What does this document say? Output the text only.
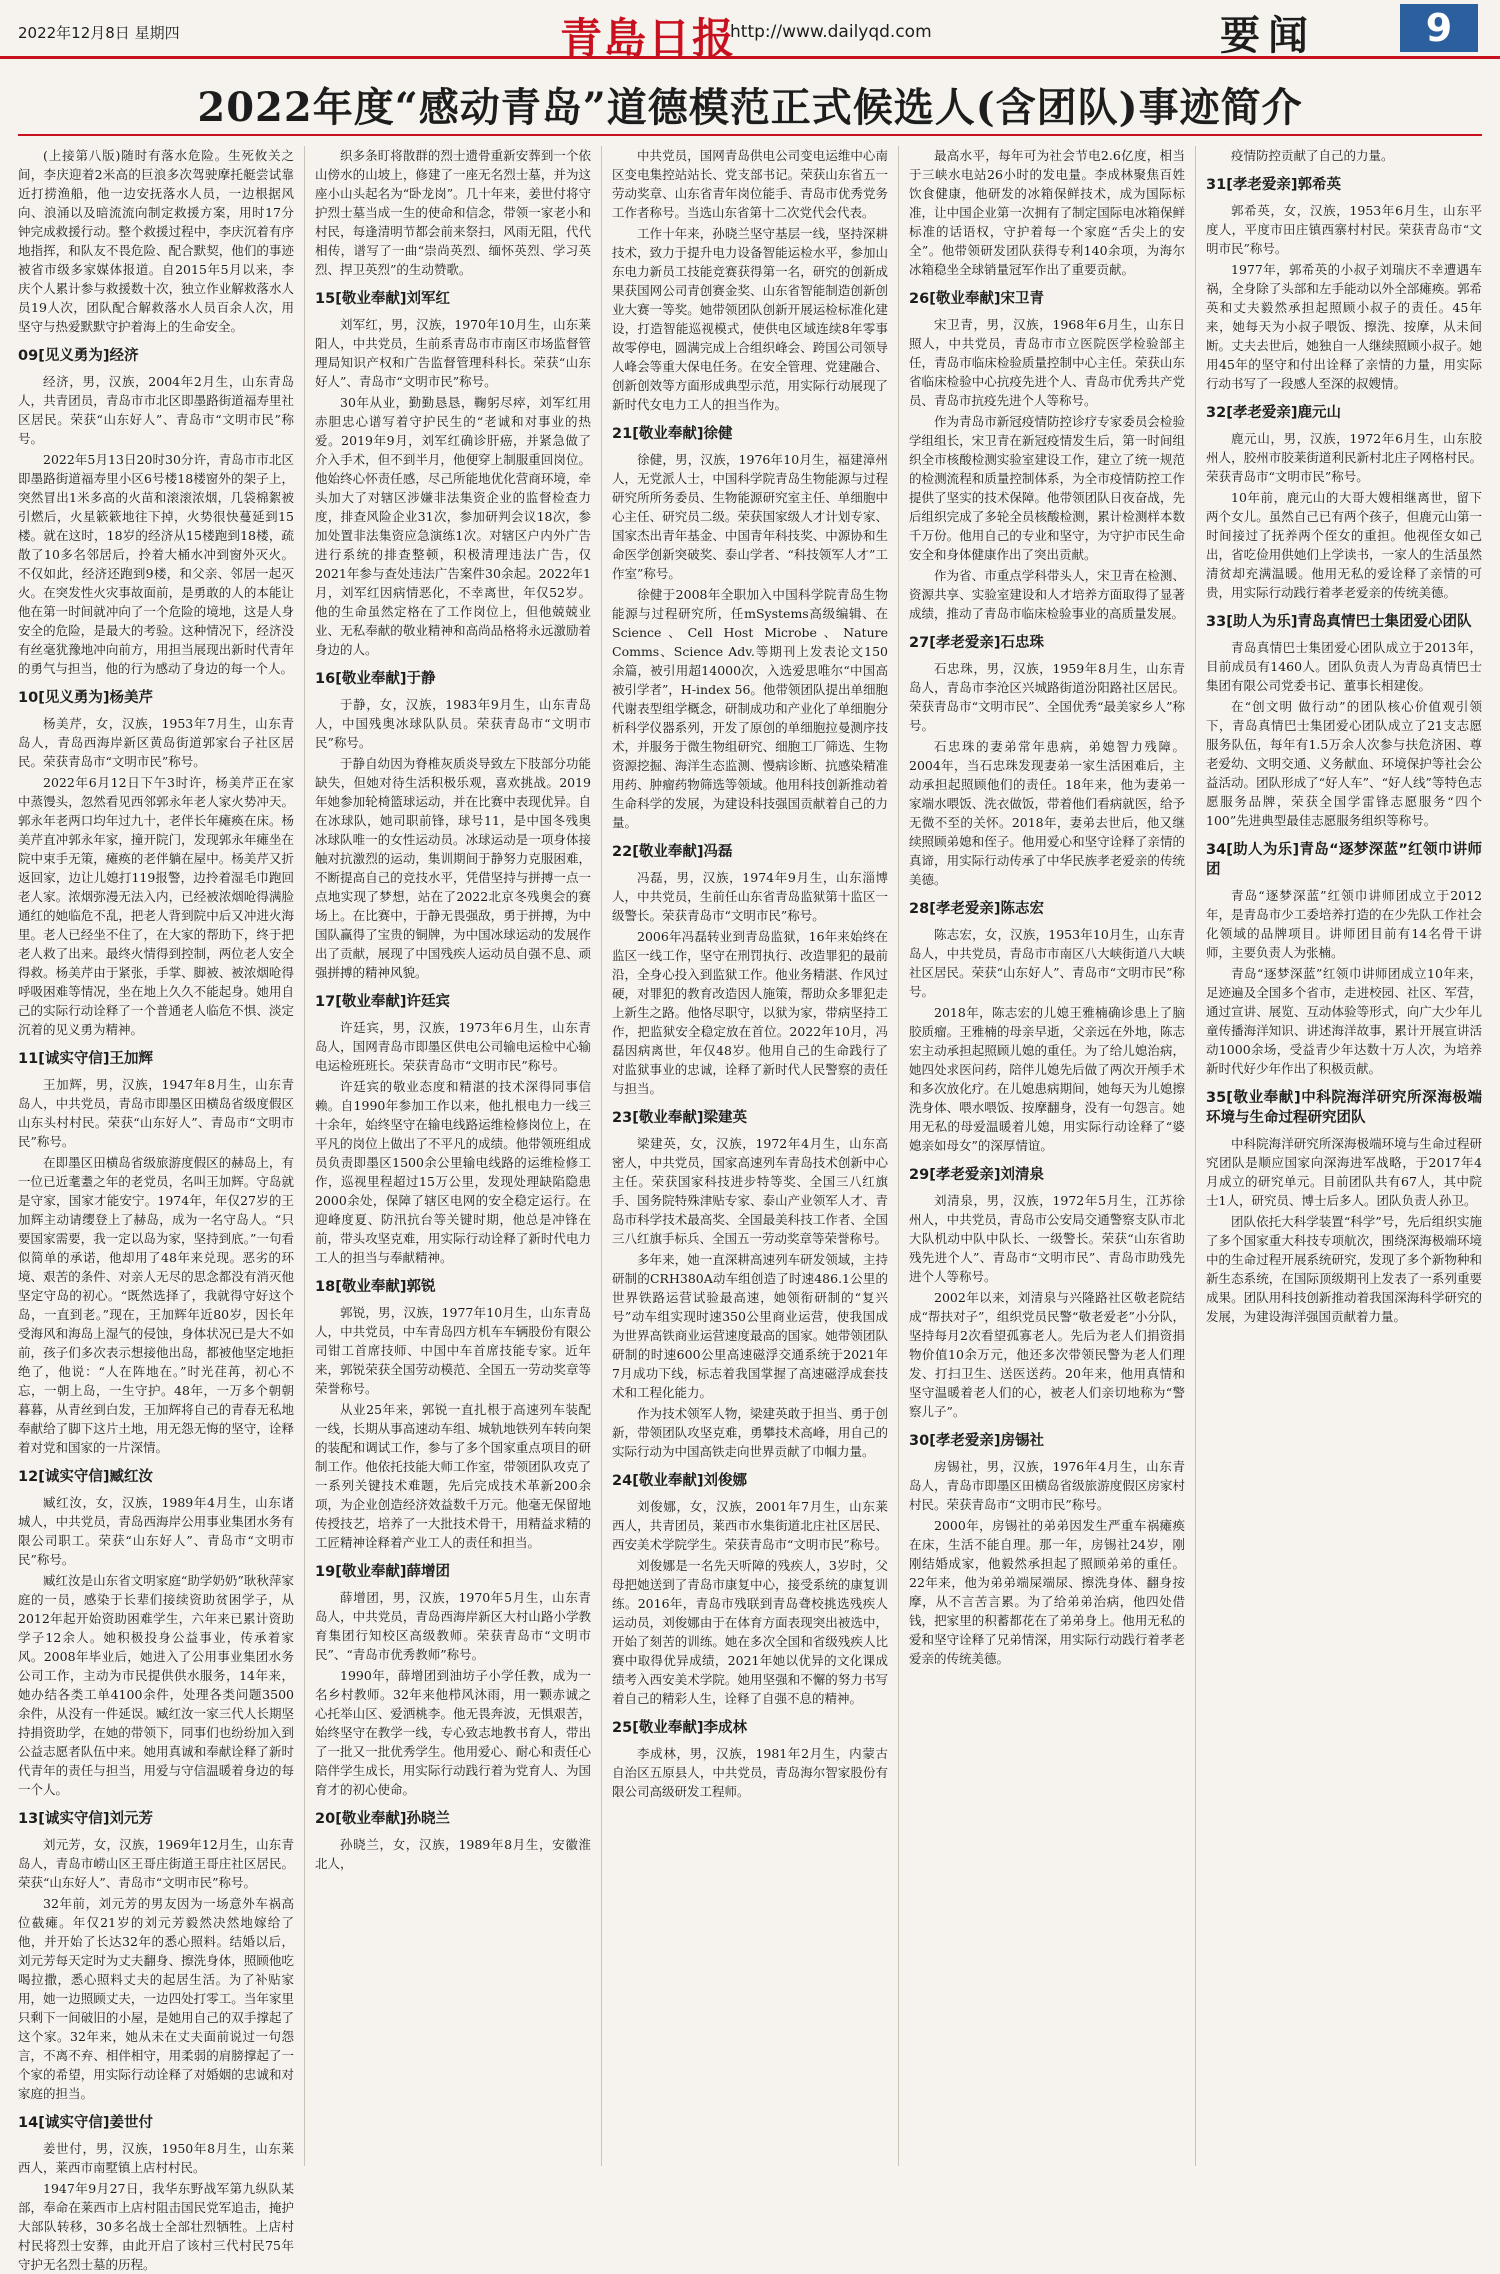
2022年12月8日 星期四	青島日报
http://www.dailyqd.com	要闻	9
2022年度“感动青岛”道德模范正式候选人(含团队)事迹简介

(上接第八版)随时有落水危险。生死攸关之间，李庆迎着2米高的巨浪多次驾驶摩托艇尝试靠近打捞渔船，他一边安抚落水人员，一边根据风向、浪涌以及暗流流向制定救援方案，用时17分钟完成救援行动。整个救援过程中，李庆沉着有序地指挥，和队友不畏危险、配合默契，他们的事迹被省市级多家媒体报道。自2015年5月以来，李庆个人累计参与救援数十次，独立作业解救落水人员19人次，团队配合解救落水人员百余人次，用坚守与热爱默默守护着海上的生命安全。

09[见义勇为]经济

经济，男，汉族，2004年2月生，山东青岛人，共青团员，青岛市市北区即墨路街道福寿里社区居民。荣获“山东好人”、青岛市“文明市民”称号。

2022年5月13日20时30分许，青岛市市北区即墨路街道福寿里小区6号楼18楼窗外的架子上，突然冒出1米多高的火苗和滚滚浓烟，几袋棉絮被引燃后，火星簌簌地往下掉，火势很快蔓延到15楼。就在这时，18岁的经济从15楼跑到18楼，疏散了10多名邻居后，拎着大桶水冲到窗外灭火。不仅如此，经济还跑到9楼，和父亲、邻居一起灭火。在突发性火灾事故面前，是勇敢的人的本能让他在第一时间就冲向了一个危险的境地，这是人身安全的危险，是最大的考验。这种情况下，经济没有丝毫犹豫地冲向前方，用担当展现出新时代青年的勇气与担当，他的行为感动了身边的每一个人。

10[见义勇为]杨美芹

杨美芹，女，汉族，1953年7月生，山东青岛人，青岛西海岸新区黄岛街道郭家台子社区居民。荣获青岛市“文明市民”称号。

2022年6月12日下午3时许，杨美芹正在家中蒸馒头，忽然看见西邻郭永年老人家火势冲天。郭永年老两口均年过九十，老伴长年瘫痪在床。杨美芹直冲郭永年家，撞开院门，发现郭永年瘫坐在院中束手无策，瘫痪的老伴躺在屋中。杨美芹又折返回家，边让儿媳打119报警，边拎着湿毛巾跑回老人家。浓烟弥漫无法入内，已经被浓烟呛得满脸通红的她临危不乱，把老人背到院中后又冲进火海里。老人已经坐不住了，在大家的帮助下，终于把老人救了出来。最终火情得到控制，两位老人安全得救。杨美芹由于紧张，手掌、脚被、被浓烟呛得呼吸困难等情况，坐在地上久久不能起身。她用自己的实际行动诠释了一个普通老人临危不惧、淡定沉着的见义勇为精神。

11[诚实守信]王加辉

王加辉，男，汉族，1947年8月生，山东青岛人，中共党员，青岛市即墨区田横岛省级度假区山东头村村民。荣获“山东好人”、青岛市“文明市民”称号。

在即墨区田横岛省级旅游度假区的赫岛上，有一位已近耄耋之年的老党员，名叫王加辉。守岛就是守家，国家才能安宁。1974年，年仅27岁的王加辉主动请缨登上了赫岛，成为一名守岛人。“只要国家需要，我一定以岛为家，坚持到底。”一句看似简单的承诺，他却用了48年来兑现。恶劣的环境、艰苦的条件、对亲人无尽的思念都没有消灭他坚定守岛的初心。“既然选择了，我就得守好这个岛，一直到老。”现在，王加辉年近80岁，因长年受海风和海岛上湿气的侵蚀，身体状况已是大不如前，孩子们多次表示想接他出岛，都被他坚定地拒绝了，他说：“人在阵地在。”时光荏苒，初心不忘，一朝上岛，一生守护。48年，一万多个朝朝暮暮，从青丝到白发，王加辉将自己的青春无私地奉献给了脚下这片土地，用无怨无悔的坚守，诠释着对党和国家的一片深情。

12[诚实守信]臧红汝

臧红汝，女，汉族，1989年4月生，山东诸城人，中共党员，青岛西海岸公用事业集团水务有限公司职工。荣获“山东好人”、青岛市“文明市民”称号。

臧红汝是山东省文明家庭“助学奶奶”耿秋萍家庭的一员，感染于长辈们接续资助贫困学子，从2012年起开始资助困难学生，六年来已累计资助学子12余人。她积极投身公益事业，传承着家风。2008年毕业后，她进入了公用事业集团水务公司工作，主动为市民提供供水服务，14年来，她办结各类工单4100余件，处理各类问题3500余件，从没有一件延误。臧红汝一家三代人长期坚持捐资助学，在她的带领下，同事们也纷纷加入到公益志愿者队伍中来。她用真诚和奉献诠释了新时代青年的责任与担当，用爱与守信温暖着身边的每一个人。

13[诚实守信]刘元芳

刘元芳，女，汉族，1969年12月生，山东青岛人，青岛市崂山区王哥庄街道王哥庄社区居民。荣获“山东好人”、青岛市“文明市民”称号。

32年前，刘元芳的男友因为一场意外车祸高位截瘫。年仅21岁的刘元芳毅然决然地嫁给了他，并开始了长达32年的悉心照料。结婚以后，刘元芳每天定时为丈夫翻身、擦洗身体，照顾他吃喝拉撒，悉心照料丈夫的起居生活。为了补贴家用，她一边照顾丈夫，一边四处打零工。当年家里只剩下一间破旧的小屋，是她用自己的双手撑起了这个家。32年来，她从未在丈夫面前说过一句怨言，不离不弃、相伴相守，用柔弱的肩膀撑起了一个家的希望，用实际行动诠释了对婚姻的忠诚和对家庭的担当。

14[诚实守信]姜世付

姜世付，男，汉族，1950年8月生，山东莱西人，莱西市南墅镇上店村村民。

1947年9月27日，我华东野战军第九纵队某部，奉命在莱西市上店村阻击国民党军追击，掩护大部队转移，30多名战士全部壮烈牺牲。上店村村民将烈士安葬，由此开启了该村三代村民75年守护无名烈士墓的历程。

织多条盯将散群的烈士遗骨重新安葬到一个依山傍水的山坡上，修建了一座无名烈士墓，并为这座小山头起名为“卧龙岗”。几十年来，姜世付将守护烈士墓当成一生的使命和信念，带领一家老小和村民，每逢清明节都会前来祭扫，风雨无阻，代代相传，谱写了一曲“崇尚英烈、缅怀英烈、学习英烈、捍卫英烈”的生动赞歌。

15[敬业奉献]刘军红

刘军红，男，汉族，1970年10月生，山东莱阳人，中共党员，生前系青岛市市南区市场监督管理局知识产权和广告监督管理科科长。荣获“山东好人”、青岛市“文明市民”称号。

30年从业，勤勤恳恳，鞠躬尽瘁，刘军红用赤胆忠心谱写着守护民生的“老诚和对事业的热爱。2019年9月，刘军红确诊肝癌，并紧急做了介入手术，但不到半月，他便穿上制服重回岗位。他始终心怀责任感，尽己所能地优化营商环境，牵头加大了对辖区涉嫌非法集资企业的监督检查力度，排查风险企业31次，参加研判会议18次，参加处置非法集资应急演练1次。对辖区户内外广告进行系统的排查整顿，积极清理违法广告，仅2021年参与查处违法广告案件30余起。2022年1月，刘军红因病情恶化，不幸离世，年仅52岁。他的生命虽然定格在了工作岗位上，但他兢兢业业、无私奉献的敬业精神和高尚品格将永远激励着身边的人。

16[敬业奉献]于静

于静，女，汉族，1983年9月生，山东青岛人，中国残奥冰球队队员。荣获青岛市“文明市民”称号。

于静自幼因为脊椎灰质炎导致左下肢部分功能缺失，但她对待生活积极乐观，喜欢挑战。2019年她参加轮椅篮球运动，并在比赛中表现优异。自在冰球队，她司职前锋，球号11，是中国冬残奥冰球队唯一的女性运动员。冰球运动是一项身体接触对抗激烈的运动，集训期间于静努力克服困难，不断提高自己的竞技水平，凭借坚持与拼搏一点一点地实现了梦想，站在了2022北京冬残奥会的赛场上。在比赛中，于静无畏强敌，勇于拼搏，为中国队赢得了宝贵的铜牌，为中国冰球运动的发展作出了贡献，展现了中国残疾人运动员自强不息、顽强拼搏的精神风貌。

17[敬业奉献]许廷宾

许廷宾，男，汉族，1973年6月生，山东青岛人，国网青岛市即墨区供电公司输电运检中心输电运检班班长。荣获青岛市“文明市民”称号。

许廷宾的敬业态度和精湛的技术深得同事信赖。自1990年参加工作以来，他扎根电力一线三十余年，始终坚守在输电线路运维检修岗位上，在平凡的岗位上做出了不平凡的成绩。他带领班组成员负责即墨区1500余公里输电线路的运维检修工作，巡视里程超过15万公里，发现处理缺陷隐患2000余处，保障了辖区电网的安全稳定运行。在迎峰度夏、防汛抗台等关键时期，他总是冲锋在前，带头攻坚克难，用实际行动诠释了新时代电力工人的担当与奉献精神。

18[敬业奉献]郭锐

郭锐，男，汉族，1977年10月生，山东青岛人，中共党员，中车青岛四方机车车辆股份有限公司钳工首席技师、中国中车首席技能专家。近年来，郭锐荣获全国劳动模范、全国五一劳动奖章等荣誉称号。

从业25年来，郭锐一直扎根于高速列车装配一线，长期从事高速动车组、城轨地铁列车转向架的装配和调试工作，参与了多个国家重点项目的研制工作。他依托技能大师工作室，带领团队攻克了一系列关键技术难题，先后完成技术革新200余项，为企业创造经济效益数千万元。他毫无保留地传授技艺，培养了一大批技术骨干，用精益求精的工匠精神诠释着产业工人的责任和担当。

19[敬业奉献]薛增团

薛增团，男，汉族，1970年5月生，山东青岛人，中共党员，青岛西海岸新区大村山路小学教育集团行知校区高级教师。荣获青岛市“文明市民”、“青岛市优秀教师”称号。

1990年，薛增团到油坊子小学任教，成为一名乡村教师。32年来他栉风沐雨，用一颗赤诚之心托举山区、爱洒桃李。他无畏奔波，无惧艰苦，始终坚守在教学一线，专心致志地教书育人，带出了一批又一批优秀学生。他用爱心、耐心和责任心陪伴学生成长，用实际行动践行着为党育人、为国育才的初心使命。

20[敬业奉献]孙晓兰

孙晓兰，女，汉族，1989年8月生，安徽淮北人，

中共党员，国网青岛供电公司变电运维中心南区变电集控站站长、党支部书记。荣获山东省五一劳动奖章、山东省青年岗位能手、青岛市优秀党务工作者称号。当选山东省第十二次党代会代表。

工作十年来，孙晓兰坚守基层一线，坚持深耕技术，致力于提升电力设备智能运检水平，参加山东电力新员工技能竞赛获得第一名，研究的创新成果获国网公司青创赛金奖、山东省智能制造创新创业大赛一等奖。她带领团队创新开展运检标准化建设，打造智能巡视模式，使供电区域连续8年零事故零停电，圆满完成上合组织峰会、跨国公司领导人峰会等重大保电任务。在安全管理、党建融合、创新创效等方面形成典型示范，用实际行动展现了新时代女电力工人的担当作为。

21[敬业奉献]徐健

徐健，男，汉族，1976年10月生，福建漳州人，无党派人士，中国科学院青岛生物能源与过程研究所所务委员、生物能源研究室主任、单细胞中心主任、研究员二级。荣获国家级人才计划专家、国家杰出青年基金、中国青年科技奖、中源协和生命医学创新突破奖、泰山学者、“科技领军人才”工作室”称号。

徐健于2008年全职加入中国科学院青岛生物能源与过程研究所，任mSystems高级编辑、在Science、Cell Host Microbe、Nature Comms、Science Adv.等期刊上发表论文150余篇，被引用超14000次，入选爱思唯尔“中国高被引学者”，H-index 56。他带领团队提出单细胞代谢表型组学概念，研制成功和产业化了单细胞分析科学仪器系列，开发了原创的单细胞拉曼测序技术，并服务于微生物组研究、细胞工厂筛选、生物资源挖掘、海洋生态监测、慢病诊断、抗感染精准用药、肿瘤药物筛选等领域。他用科技创新推动着生命科学的发展，为建设科技强国贡献着自己的力量。

22[敬业奉献]冯磊

冯磊，男，汉族，1974年9月生，山东淄博人，中共党员，生前任山东省青岛监狱第十监区一级警长。荣获青岛市“文明市民”称号。

2006年冯磊转业到青岛监狱，16年来始终在监区一线工作，坚守在刑罚执行、改造罪犯的最前沿，全身心投入到监狱工作。他业务精湛、作风过硬，对罪犯的教育改造因人施策，帮助众多罪犯走上新生之路。他恪尽职守，以狱为家，带病坚持工作，把监狱安全稳定放在首位。2022年10月，冯磊因病离世，年仅48岁。他用自己的生命践行了对监狱事业的忠诚，诠释了新时代人民警察的责任与担当。

23[敬业奉献]梁建英

梁建英，女，汉族，1972年4月生，山东高密人，中共党员，国家高速列车青岛技术创新中心主任。荣获国家科技进步特等奖、全国三八红旗手、国务院特殊津贴专家、泰山产业领军人才、青岛市科学技术最高奖、全国最美科技工作者、全国三八红旗手标兵、全国五一劳动奖章等荣誉称号。

多年来，她一直深耕高速列车研发领域，主持研制的CRH380A动车组创造了时速486.1公里的世界铁路运营试验最高速，她领衔研制的“复兴号”动车组实现时速350公里商业运营，使我国成为世界高铁商业运营速度最高的国家。她带领团队研制的时速600公里高速磁浮交通系统于2021年7月成功下线，标志着我国掌握了高速磁浮成套技术和工程化能力。

作为技术领军人物，梁建英敢于担当、勇于创新，带领团队攻坚克难，勇攀技术高峰，用自己的实际行动为中国高铁走向世界贡献了巾帼力量。

24[敬业奉献]刘俊娜

刘俊娜，女，汉族，2001年7月生，山东莱西人，共青团员，莱西市水集街道北庄社区居民、西安美术学院学生。荣获青岛市“文明市民”称号。

刘俊娜是一名先天听障的残疾人，3岁时，父母把她送到了青岛市康复中心，接受系统的康复训练。2016年，青岛市残联到青岛聋校挑选残疾人运动员，刘俊娜由于在体育方面表现突出被选中，开始了刻苦的训练。她在多次全国和省级残疾人比赛中取得优异成绩，2021年她以优异的文化课成绩考入西安美术学院。她用坚强和不懈的努力书写着自己的精彩人生，诠释了自强不息的精神。

25[敬业奉献]李成林

李成林，男，汉族，1981年2月生，内蒙古自治区五原县人，中共党员，青岛海尔智家股份有限公司高级研发工程师。

最高水平，每年可为社会节电2.6亿度，相当于三峡水电站26小时的发电量。李成林聚焦百姓饮食健康，他研发的冰箱保鲜技术，成为国际标准，让中国企业第一次拥有了制定国际电冰箱保鲜标准的话语权，守护着每一个家庭“舌尖上的安全”。他带领研发团队获得专利140余项，为海尔冰箱稳坐全球销量冠军作出了重要贡献。

26[敬业奉献]宋卫青

宋卫青，男，汉族，1968年6月生，山东日照人，中共党员，青岛市市立医院医学检验部主任，青岛市临床检验质量控制中心主任。荣获山东省临床检验中心抗疫先进个人、青岛市优秀共产党员、青岛市抗疫先进个人等称号。

作为青岛市新冠疫情防控诊疗专家委员会检验学组组长，宋卫青在新冠疫情发生后，第一时间组织全市核酸检测实验室建设工作，建立了统一规范的检测流程和质量控制体系，为全市疫情防控工作提供了坚实的技术保障。他带领团队日夜奋战，先后组织完成了多轮全员核酸检测，累计检测样本数千万份。他用自己的专业和坚守，为守护市民生命安全和身体健康作出了突出贡献。

作为省、市重点学科带头人，宋卫青在检测、资源共享、实验室建设和人才培养方面取得了显著成绩，推动了青岛市临床检验事业的高质量发展。

27[孝老爱亲]石忠珠

石忠珠，男，汉族，1959年8月生，山东青岛人，青岛市李沧区兴城路街道汾阳路社区居民。荣获青岛市“文明市民”、全国优秀“最美家乡人”称号。

石忠珠的妻弟常年患病，弟媳智力残障。2004年，当石忠珠发现妻弟一家生活困难后，主动承担起照顾他们的责任。18年来，他为妻弟一家端水喂饭、洗衣做饭，带着他们看病就医，给予无微不至的关怀。2018年，妻弟去世后，他又继续照顾弟媳和侄子。他用爱心和坚守诠释了亲情的真谛，用实际行动传承了中华民族孝老爱亲的传统美德。

28[孝老爱亲]陈志宏

陈志宏，女，汉族，1953年10月生，山东青岛人，中共党员，青岛市市南区八大峡街道八大峡社区居民。荣获“山东好人”、青岛市“文明市民”称号。

2018年，陈志宏的儿媳王雅楠确诊患上了脑胶质瘤。王雅楠的母亲早逝，父亲远在外地，陈志宏主动承担起照顾儿媳的重任。为了给儿媳治病，她四处求医问药，陪伴儿媳先后做了两次开颅手术和多次放化疗。在儿媳患病期间，她每天为儿媳擦洗身体、喂水喂饭、按摩翻身，没有一句怨言。她用无私的母爱温暖着儿媳，用实际行动诠释了“婆媳亲如母女”的深厚情谊。

29[孝老爱亲]刘清泉

刘清泉，男，汉族，1972年5月生，江苏徐州人，中共党员，青岛市公安局交通警察支队市北大队机动中队中队长、一级警长。荣获“山东省助残先进个人”、青岛市“文明市民”、青岛市助残先进个人等称号。

2002年以来，刘清泉与兴隆路社区敬老院结成“帮扶对子”，组织党员民警“敬老爱老”小分队，坚持每月2次看望孤寡老人。先后为老人们捐资捐物价值10余万元，他还多次带领民警为老人们理发、打扫卫生、送医送药。20年来，他用真情和坚守温暖着老人们的心，被老人们亲切地称为“警察儿子”。

30[孝老爱亲]房锡社

房锡社，男，汉族，1976年4月生，山东青岛人，青岛市即墨区田横岛省级旅游度假区房家村村民。荣获青岛市“文明市民”称号。

2000年，房锡社的弟弟因发生严重车祸瘫痪在床，生活不能自理。那一年，房锡社24岁，刚刚结婚成家，他毅然承担起了照顾弟弟的重任。22年来，他为弟弟端屎端尿、擦洗身体、翻身按摩，从不言苦言累。为了给弟弟治病，他四处借钱，把家里的积蓄都花在了弟弟身上。他用无私的爱和坚守诠释了兄弟情深，用实际行动践行着孝老爱亲的传统美德。

疫情防控贡献了自己的力量。

31[孝老爱亲]郭希英

郭希英，女，汉族，1953年6月生，山东平度人，平度市田庄镇西寨村村民。荣获青岛市“文明市民”称号。

1977年，郭希英的小叔子刘瑞庆不幸遭遇车祸，全身除了头部和左手能动以外全部瘫痪。郭希英和丈夫毅然承担起照顾小叔子的责任。45年来，她每天为小叔子喂饭、擦洗、按摩，从未间断。丈夫去世后，她独自一人继续照顾小叔子。她用45年的坚守和付出诠释了亲情的力量，用实际行动书写了一段感人至深的叔嫂情。

32[孝老爱亲]鹿元山

鹿元山，男，汉族，1972年6月生，山东胶州人，胶州市胶莱街道利民新村北庄子网格村民。荣获青岛市“文明市民”称号。

10年前，鹿元山的大哥大嫂相继离世，留下两个女儿。虽然自己已有两个孩子，但鹿元山第一时间接过了抚养两个侄女的重担。他视侄女如己出，省吃俭用供她们上学读书，一家人的生活虽然清贫却充满温暖。他用无私的爱诠释了亲情的可贵，用实际行动践行着孝老爱亲的传统美德。

33[助人为乐]青岛真情巴士集团爱心团队

青岛真情巴士集团爱心团队成立于2013年，目前成员有1460人。团队负责人为青岛真情巴士集团有限公司党委书记、董事长相建俊。

在“创文明 做行动”的团队核心价值观引领下，青岛真情巴士集团爱心团队成立了21支志愿服务队伍，每年有1.5万余人次参与扶危济困、尊老爱幼、文明交通、义务献血、环境保护等社会公益活动。团队形成了“好人车”、“好人线”等特色志愿服务品牌，荣获全国学雷锋志愿服务“四个100”先进典型最佳志愿服务组织等称号。

34[助人为乐]青岛“逐梦深蓝”红领巾讲师团

青岛“逐梦深蓝”红领巾讲师团成立于2012年，是青岛市少工委培养打造的在少先队工作社会化领域的品牌项目。讲师团目前有14名骨干讲师，主要负责人为张楠。

青岛“逐梦深蓝”红领巾讲师团成立10年来，足迹遍及全国多个省市，走进校园、社区、军营，通过宣讲、展览、互动体验等形式，向广大少年儿童传播海洋知识、讲述海洋故事，累计开展宣讲活动1000余场，受益青少年达数十万人次，为培养新时代好少年作出了积极贡献。

35[敬业奉献]中科院海洋研究所深海极端环境与生命过程研究团队

中科院海洋研究所深海极端环境与生命过程研究团队是顺应国家向深海进军战略，于2017年4月成立的研究单元。目前团队共有67人，其中院士1人，研究员、博士后多人。团队负责人孙卫。

团队依托大科学装置“科学”号，先后组织实施了多个国家重大科技专项航次，围绕深海极端环境中的生命过程开展系统研究，发现了多个新物种和新生态系统，在国际顶级期刊上发表了一系列重要成果。团队用科技创新推动着我国深海科学研究的发展，为建设海洋强国贡献着力量。
